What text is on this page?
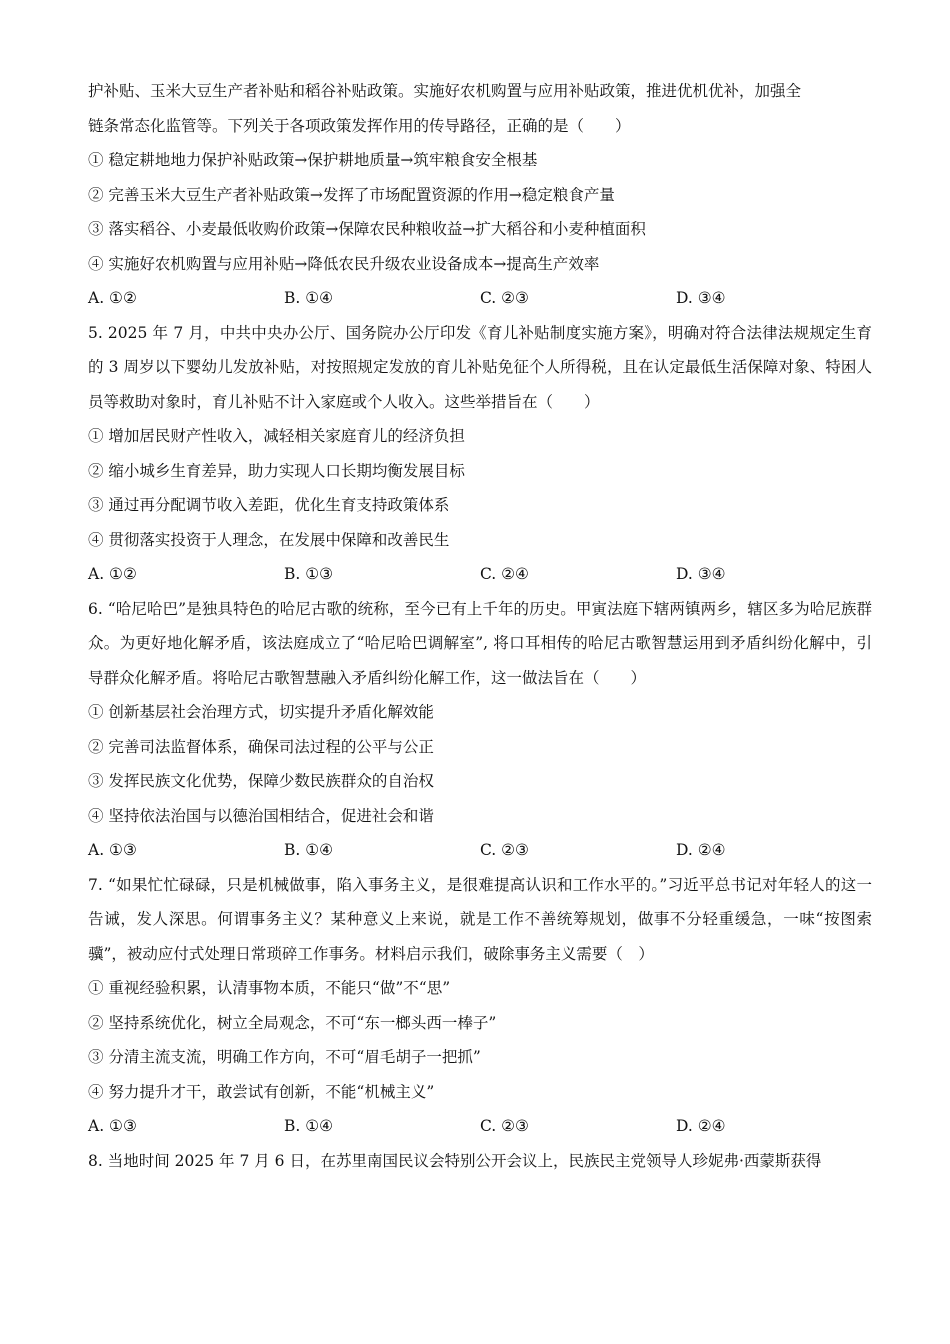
护补贴、玉米大豆生产者补贴和稻谷补贴政策。实施好农机购置与应用补贴政策，推进优机优补，加强全
链条常态化监管等。下列关于各项政策发挥作用的传导路径，正确的是（　　）
① 稳定耕地地力保护补贴政策→保护耕地质量→筑牢粮食安全根基
② 完善玉米大豆生产者补贴政策→发挥了市场配置资源的作用→稳定粮食产量
③ 落实稻谷、小麦最低收购价政策→保障农民种粮收益→扩大稻谷和小麦种植面积
④ 实施好农机购置与应用补贴→降低农民升级农业设备成本→提高生产效率
A. ①②	B. ①④	C. ②③	D. ③④
5. 2025 年 7 月，中共中央办公厅、国务院办公厅印发《育儿补贴制度实施方案》，明确对符合法律法规规定生育的 3 周岁以下婴幼儿发放补贴，对按照规定发放的育儿补贴免征个人所得税，且在认定最低生活保障对象、特困人员等救助对象时，育儿补贴不计入家庭或个人收入。这些举措旨在（　　）
① 增加居民财产性收入，减轻相关家庭育儿的经济负担
② 缩小城乡生育差异，助力实现人口长期均衡发展目标
③ 通过再分配调节收入差距，优化生育支持政策体系
④ 贯彻落实投资于人理念，在发展中保障和改善民生
A. ①②	B. ①③	C. ②④	D. ③④
6. “哈尼哈巴”是独具特色的哈尼古歌的统称，至今已有上千年的历史。甲寅法庭下辖两镇两乡，辖区多为哈尼族群众。为更好地化解矛盾，该法庭成立了“哈尼哈巴调解室”, 将口耳相传的哈尼古歌智慧运用到矛盾纠纷化解中，引导群众化解矛盾。将哈尼古歌智慧融入矛盾纠纷化解工作，这一做法旨在（　　）
① 创新基层社会治理方式，切实提升矛盾化解效能
② 完善司法监督体系，确保司法过程的公平与公正
③ 发挥民族文化优势，保障少数民族群众的自治权
④ 坚持依法治国与以德治国相结合，促进社会和谐
A. ①③	B. ①④	C. ②③	D. ②④
7. “如果忙忙碌碌，只是机械做事，陷入事务主义，是很难提高认识和工作水平的。”习近平总书记对年轻人的这一告诫，发人深思。何谓事务主义？某种意义上来说，就是工作不善统筹规划，做事不分轻重缓急，一味“按图索骥”，被动应付式处理日常琐碎工作事务。材料启示我们，破除事务主义需要（　）
① 重视经验积累，认清事物本质，不能只“做”不“思”
② 坚持系统优化，树立全局观念，不可“东一榔头西一棒子”
③ 分清主流支流，明确工作方向，不可“眉毛胡子一把抓”
④ 努力提升才干，敢尝试有创新，不能“机械主义”
A. ①③	B. ①④	C. ②③	D. ②④
8. 当地时间 2025 年 7 月 6 日，在苏里南国民议会特别公开会议上，民族民主党领导人珍妮弗·西蒙斯获得
